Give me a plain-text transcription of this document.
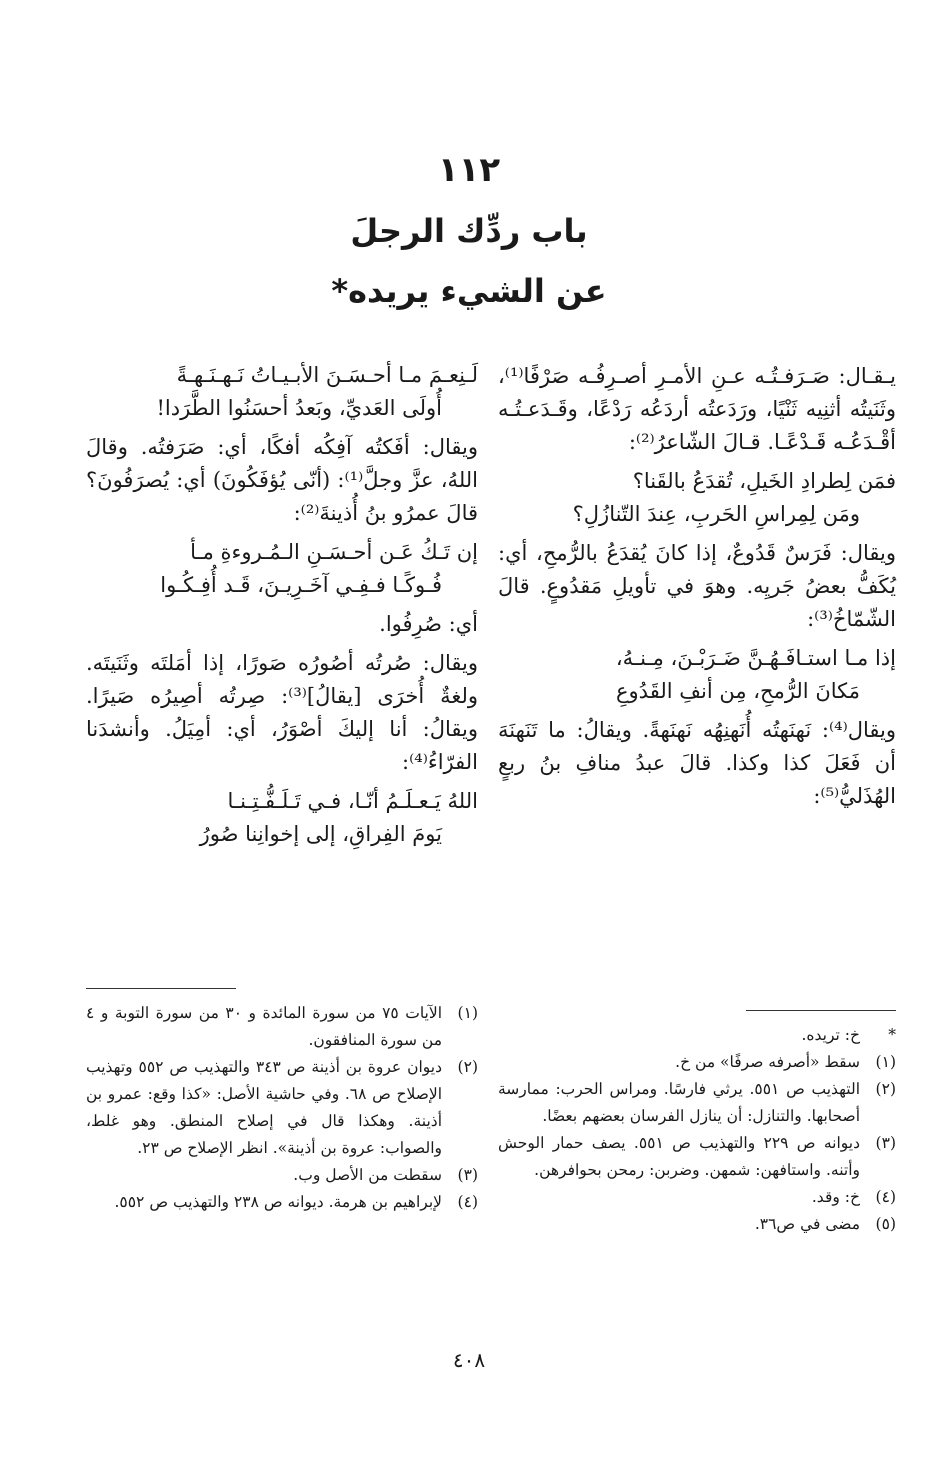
١١٢
باب ردِّك الرجلَ
عن الشيء يريده*

يـقـال: صَـرَفـتُـه عـنِ الأمـرِ أصـرِفُـه صَرْفًا⁽¹⁾، وثَنَيتُه أثنِيه ثَنْيًا، ورَدَعتُه أردَعُه رَدْعًا، وقَـدَعـتُـه أقْـدَعُـه قَـدْعًـا. قـالَ الشّاعرُ⁽²⁾:

فمَن لِطرادِ الخَيلِ، تُقدَعُ بالقَنا؟
ومَن لِمِراسِ الحَربِ، عِندَ التّنازُلِ؟

ويقال: فَرَسٌ قَدُوعٌ، إذا كانَ يُقدَعُ بالرُّمحِ، أي: يُكَفُّ بعضُ جَريِه. وهوَ في تأويلِ مَقدُوعٍ. قالَ الشّمّاخُ⁽³⁾:

إذا مـا استـافَـهُـنَّ ضَـرَبْـنَ، مِـنـهُ،
مَكانَ الرُّمحِ، مِن أنفِ القَدُوعِ

ويقال⁽⁴⁾: نَهنَهتُه أُنَهنِهُه نَهنَهةً. ويقالُ: ما تَنَهنَهَ أن فَعَلَ كذا وكذا. قالَ عبدُ منافِ بنُ ربعٍ الهُذَليُّ⁽⁵⁾:

لَـنِعـمَ مـا أحـسَـنَ الأبـيـاتُ نَـهـنَـهـةً
أُولَى العَديِّ، وبَعدُ أحسَنُوا الطَّرَدا!

ويقال: أفَكتُه آفِكُه أفكًا، أي: صَرَفتُه. وقالَ اللهُ، عزَّ وجلَّ⁽¹⁾: (أنّى يُؤفَكُونَ) أي: يُصرَفُونَ؟ قالَ عمرُو بنُ أُذينةَ⁽²⁾:

إن تَـكُ عَـن أحـسَـنِ الـمُـروءةِ مـأ
فُـوكًـا فـفِـي آخَـرِيـنَ، قَـد أُفِـكُـوا

أي: صُرِفُوا.

ويقال: صُرتُه أصُورُه صَورًا، إذا أمَلتَه وثَنَيتَه. ولغةٌ أُخرَى [يقالُ]⁽³⁾: صِرتُه أصِيرُه صَيرًا. ويقالُ: أنا إليكَ أصْوَرُ، أي: أمِيَلُ. وأنشدَنا الفرّاءُ⁽⁴⁾:

اللهُ يَـعـلَـمُ أنّـا، فـي تَـلَـفُّـتِـنـا
يَومَ الفِراقِ، إلى إخوانِنا صُورُ
*
خ: تريده.
(١)
سقط «أصرفه صرفًا» من خ.
(٢)
التهذيب ص ٥٥١. يرثي فارسًا. ومراس الحرب: ممارسة أصحابها. والتنازل: أن ينازل الفرسان بعضهم بعضًا.
(٣)
ديوانه ص ٢٢٩ والتهذيب ص ٥٥١. يصف حمار الوحش وأتنه. واستافهن: شمهن. وضربن: رمحن بحوافرهن.
(٤)
خ: وقد.
(٥)
مضى في ص٣٦.
(١)
الآيات ٧٥ من سورة المائدة و ٣٠ من سورة التوبة و ٤ من سورة المنافقون.
(٢)
ديوان عروة بن أذينة ص ٣٤٣ والتهذيب ص ٥٥٢ وتهذيب الإصلاح ص ٦٨. وفي حاشية الأصل: «كذا وقع: عمرو بن أذينة. وهكذا قال في إصلاح المنطق. وهو غلط، والصواب: عروة بن أذينة». انظر الإصلاح ص ٢٣.
(٣)
سقطت من الأصل وب.
(٤)
لإبراهيم بن هرمة. ديوانه ص ٢٣٨ والتهذيب ص ٥٥٢.
٤٠٨
